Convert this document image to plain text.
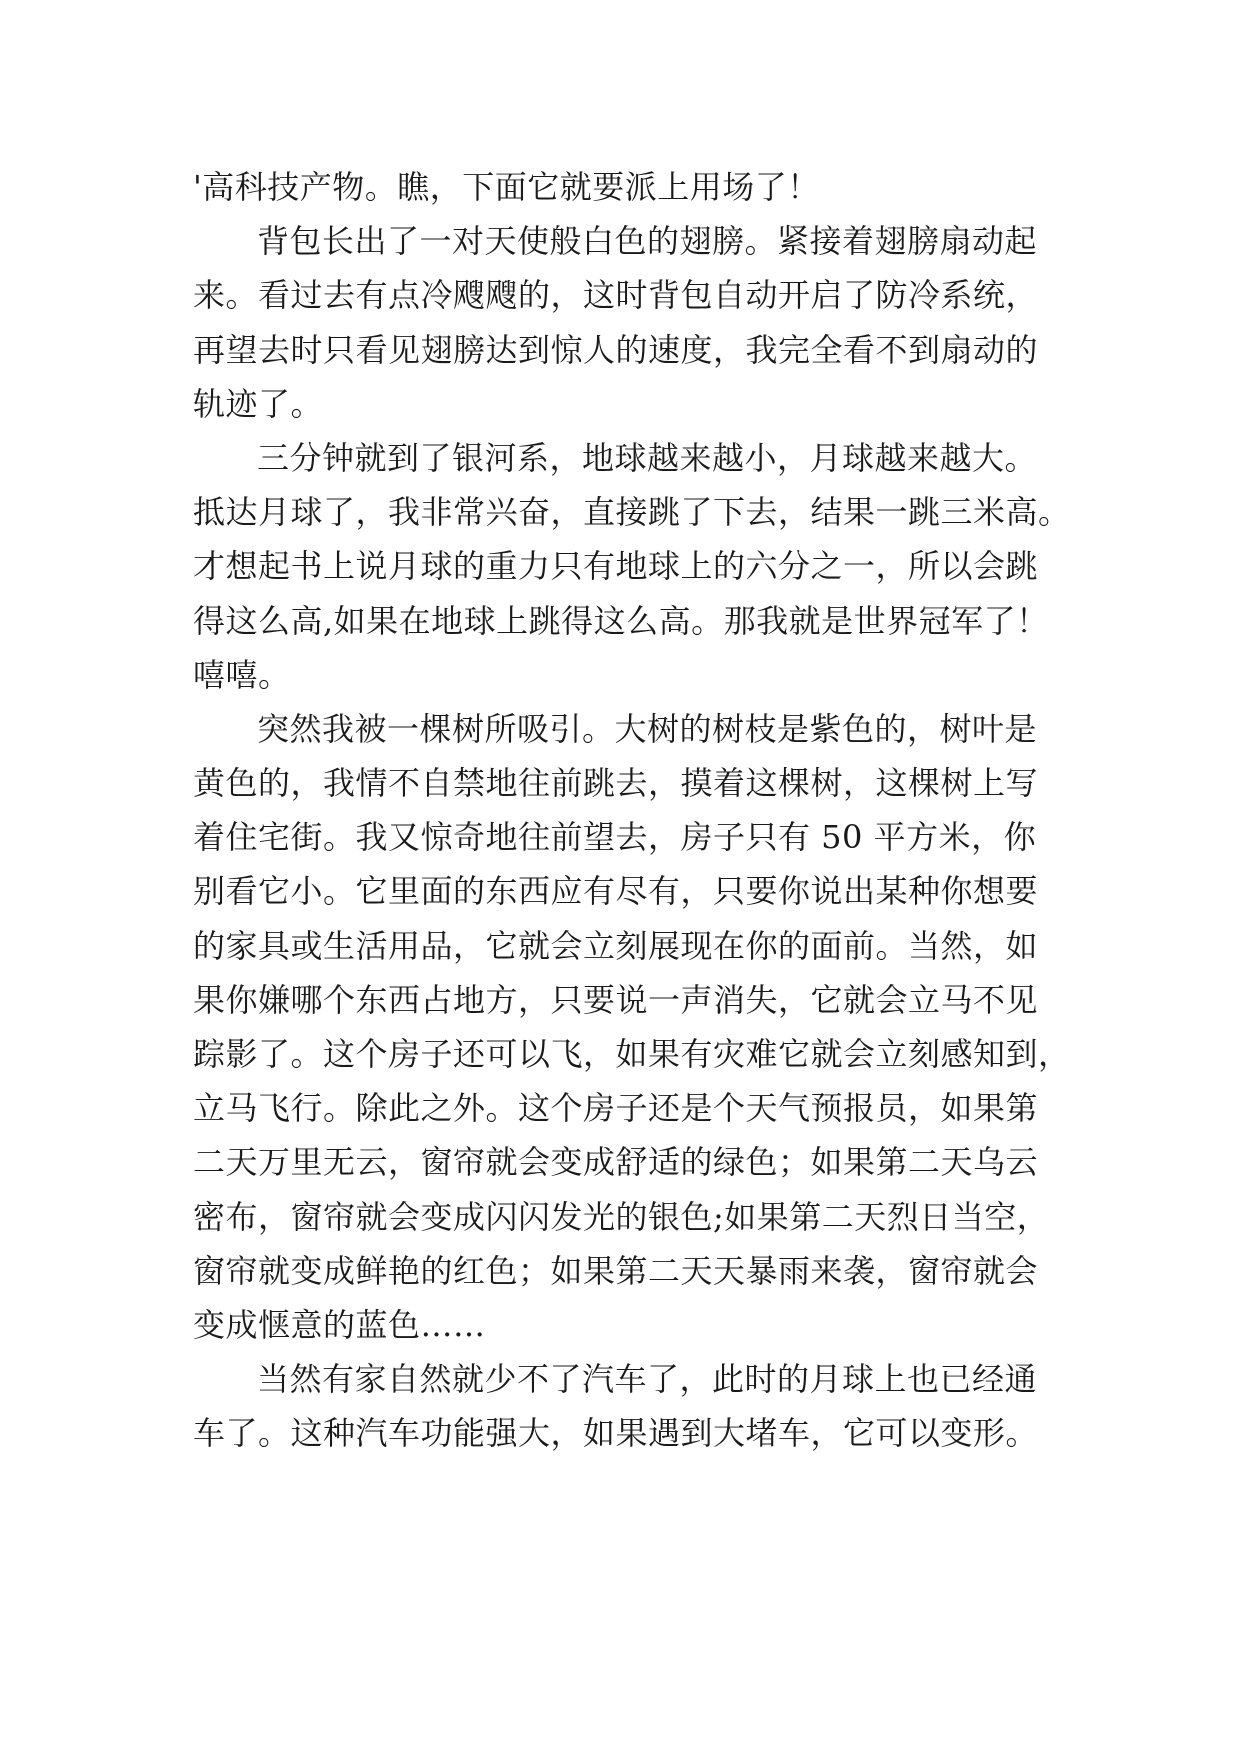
'高科技产物。瞧，下面它就要派上用场了！
背包长出了一对天使般白色的翅膀。紧接着翅膀扇动起
来。看过去有点冷飕飕的，这时背包自动开启了防冷系统，
再望去时只看见翅膀达到惊人的速度，我完全看不到扇动的
轨迹了。
三分钟就到了银河系，地球越来越小，月球越来越大。
抵达月球了，我非常兴奋，直接跳了下去，结果一跳三米高。
才想起书上说月球的重力只有地球上的六分之一，所以会跳
得这么高,如果在地球上跳得这么高。那我就是世界冠军了！
嘻嘻。
突然我被一棵树所吸引。大树的树枝是紫色的，树叶是
黄色的，我情不自禁地往前跳去，摸着这棵树，这棵树上写
着住宅街。我又惊奇地往前望去，房子只有 50 平方米，你
别看它小。它里面的东西应有尽有，只要你说出某种你想要
的家具或生活用品，它就会立刻展现在你的面前。当然，如
果你嫌哪个东西占地方，只要说一声消失，它就会立马不见
踪影了。这个房子还可以飞，如果有灾难它就会立刻感知到，
立马飞行。除此之外。这个房子还是个天气预报员，如果第
二天万里无云，窗帘就会变成舒适的绿色；如果第二天乌云
密布，窗帘就会变成闪闪发光的银色;如果第二天烈日当空，
窗帘就变成鲜艳的红色；如果第二天天暴雨来袭，窗帘就会
变成惬意的蓝色……
当然有家自然就少不了汽车了，此时的月球上也已经通
车了。这种汽车功能强大，如果遇到大堵车，它可以变形。
